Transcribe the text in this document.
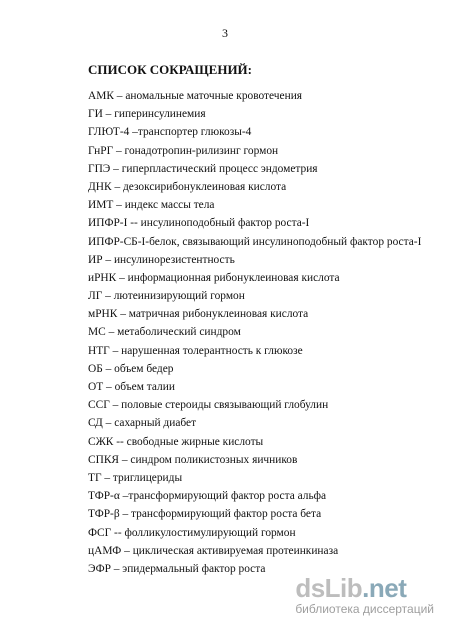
3
СПИСОК СОКРАЩЕНИЙ:
АМК – аномальные маточные кровотечения
ГИ – гиперинсулинемия
ГЛЮТ-4 –транспортер глюкозы-4
ГнРГ – гонадотропин-рилизинг гормон
ГПЭ – гиперпластический процесс эндометрия
ДНК – дезоксирибонуклеиновая кислота
ИМТ – индекс массы тела
ИПФР-I -- инсулиноподобный фактор роста-I
ИПФР-СБ-I-белок, связывающий инсулиноподобный фактор роста-I
ИР – инсулинорезистентность
иРНК – информационная рибонуклеиновая кислота
ЛГ – лютеинизирующий гормон
мРНК – матричная рибонуклеиновая кислота
МС – метаболический синдром
НТГ – нарушенная толерантность к глюкозе
ОБ – объем бедер
ОТ – объем талии
ССГ – половые стероиды связывающий глобулин
СД – сахарный диабет
СЖК -- свободные жирные кислоты
СПКЯ – синдром поликистозных яичников
ТГ – триглицериды
ТФР-α –трансформирующий фактор роста альфа
ТФР-β – трансформирующий фактор роста бета
ФСГ -- фолликулостимулирующий гормон
цАМФ – циклическая активируемая протеинкиназа
ЭФР – эпидермальный фактор роста
dsLib.net
библиотека диссертаций
